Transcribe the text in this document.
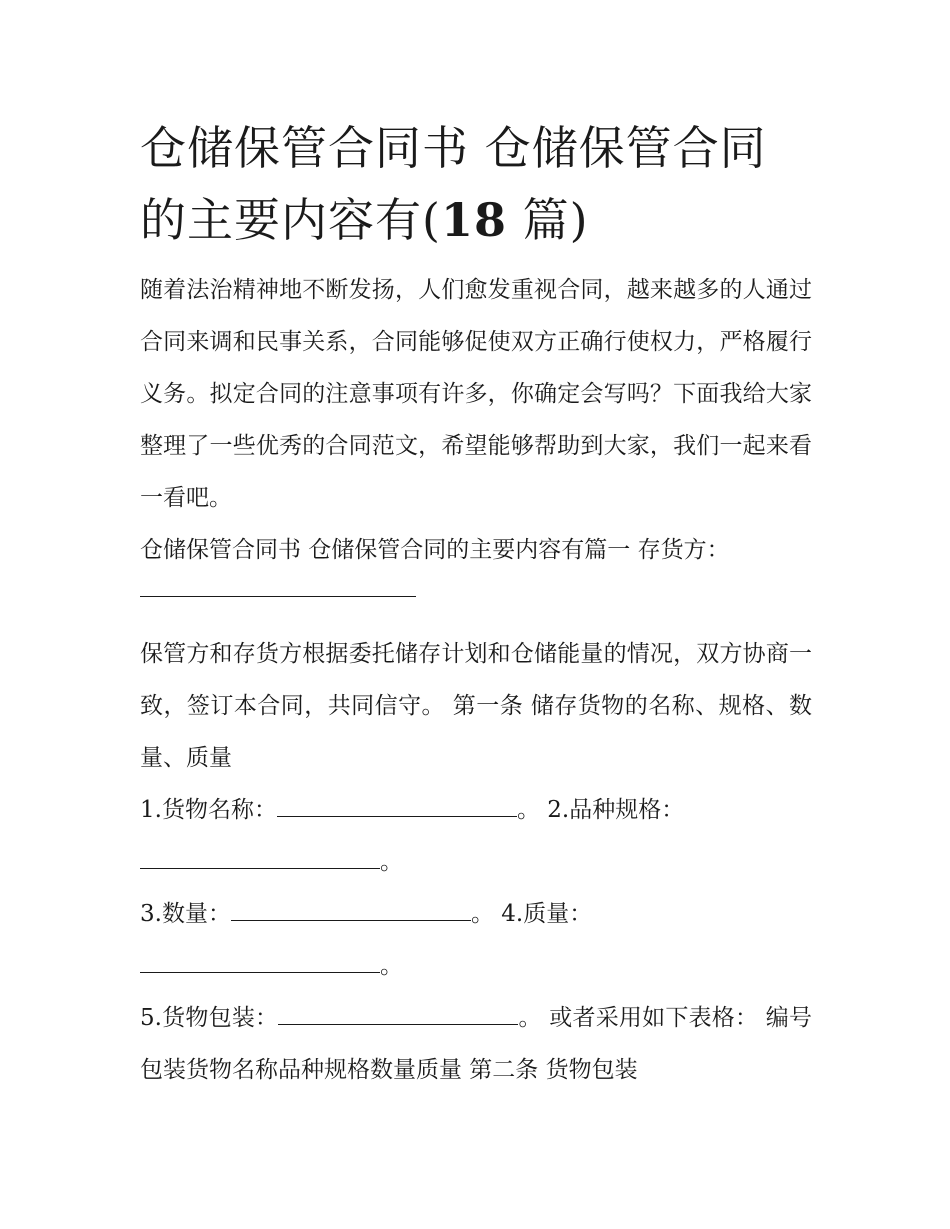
仓储保管合同书 仓储保管合同的主要内容有(18 篇)

随着法治精神地不断发扬，人们愈发重视合同，越来越多的人通过合同来调和民事关系，合同能够促使双方正确行使权力，严格履行义务。拟定合同的注意事项有许多，你确定会写吗？下面我给大家整理了一些优秀的合同范文，希望能够帮助到大家，我们一起来看一看吧。

仓储保管合同书 仓储保管合同的主要内容有篇一 存货方：

保管方和存货方根据委托储存计划和仓储能量的情况，双方协商一致，签订本合同，共同信守。 第一条 储存货物的名称、规格、数量、质量

1.货物名称：	。 2.品种规格：

。

3.数量：	。 4.质量：

。

5.货物包装：	。 或者采用如下表格： 编号包装货物名称品种规格数量质量 第二条 货物包装
